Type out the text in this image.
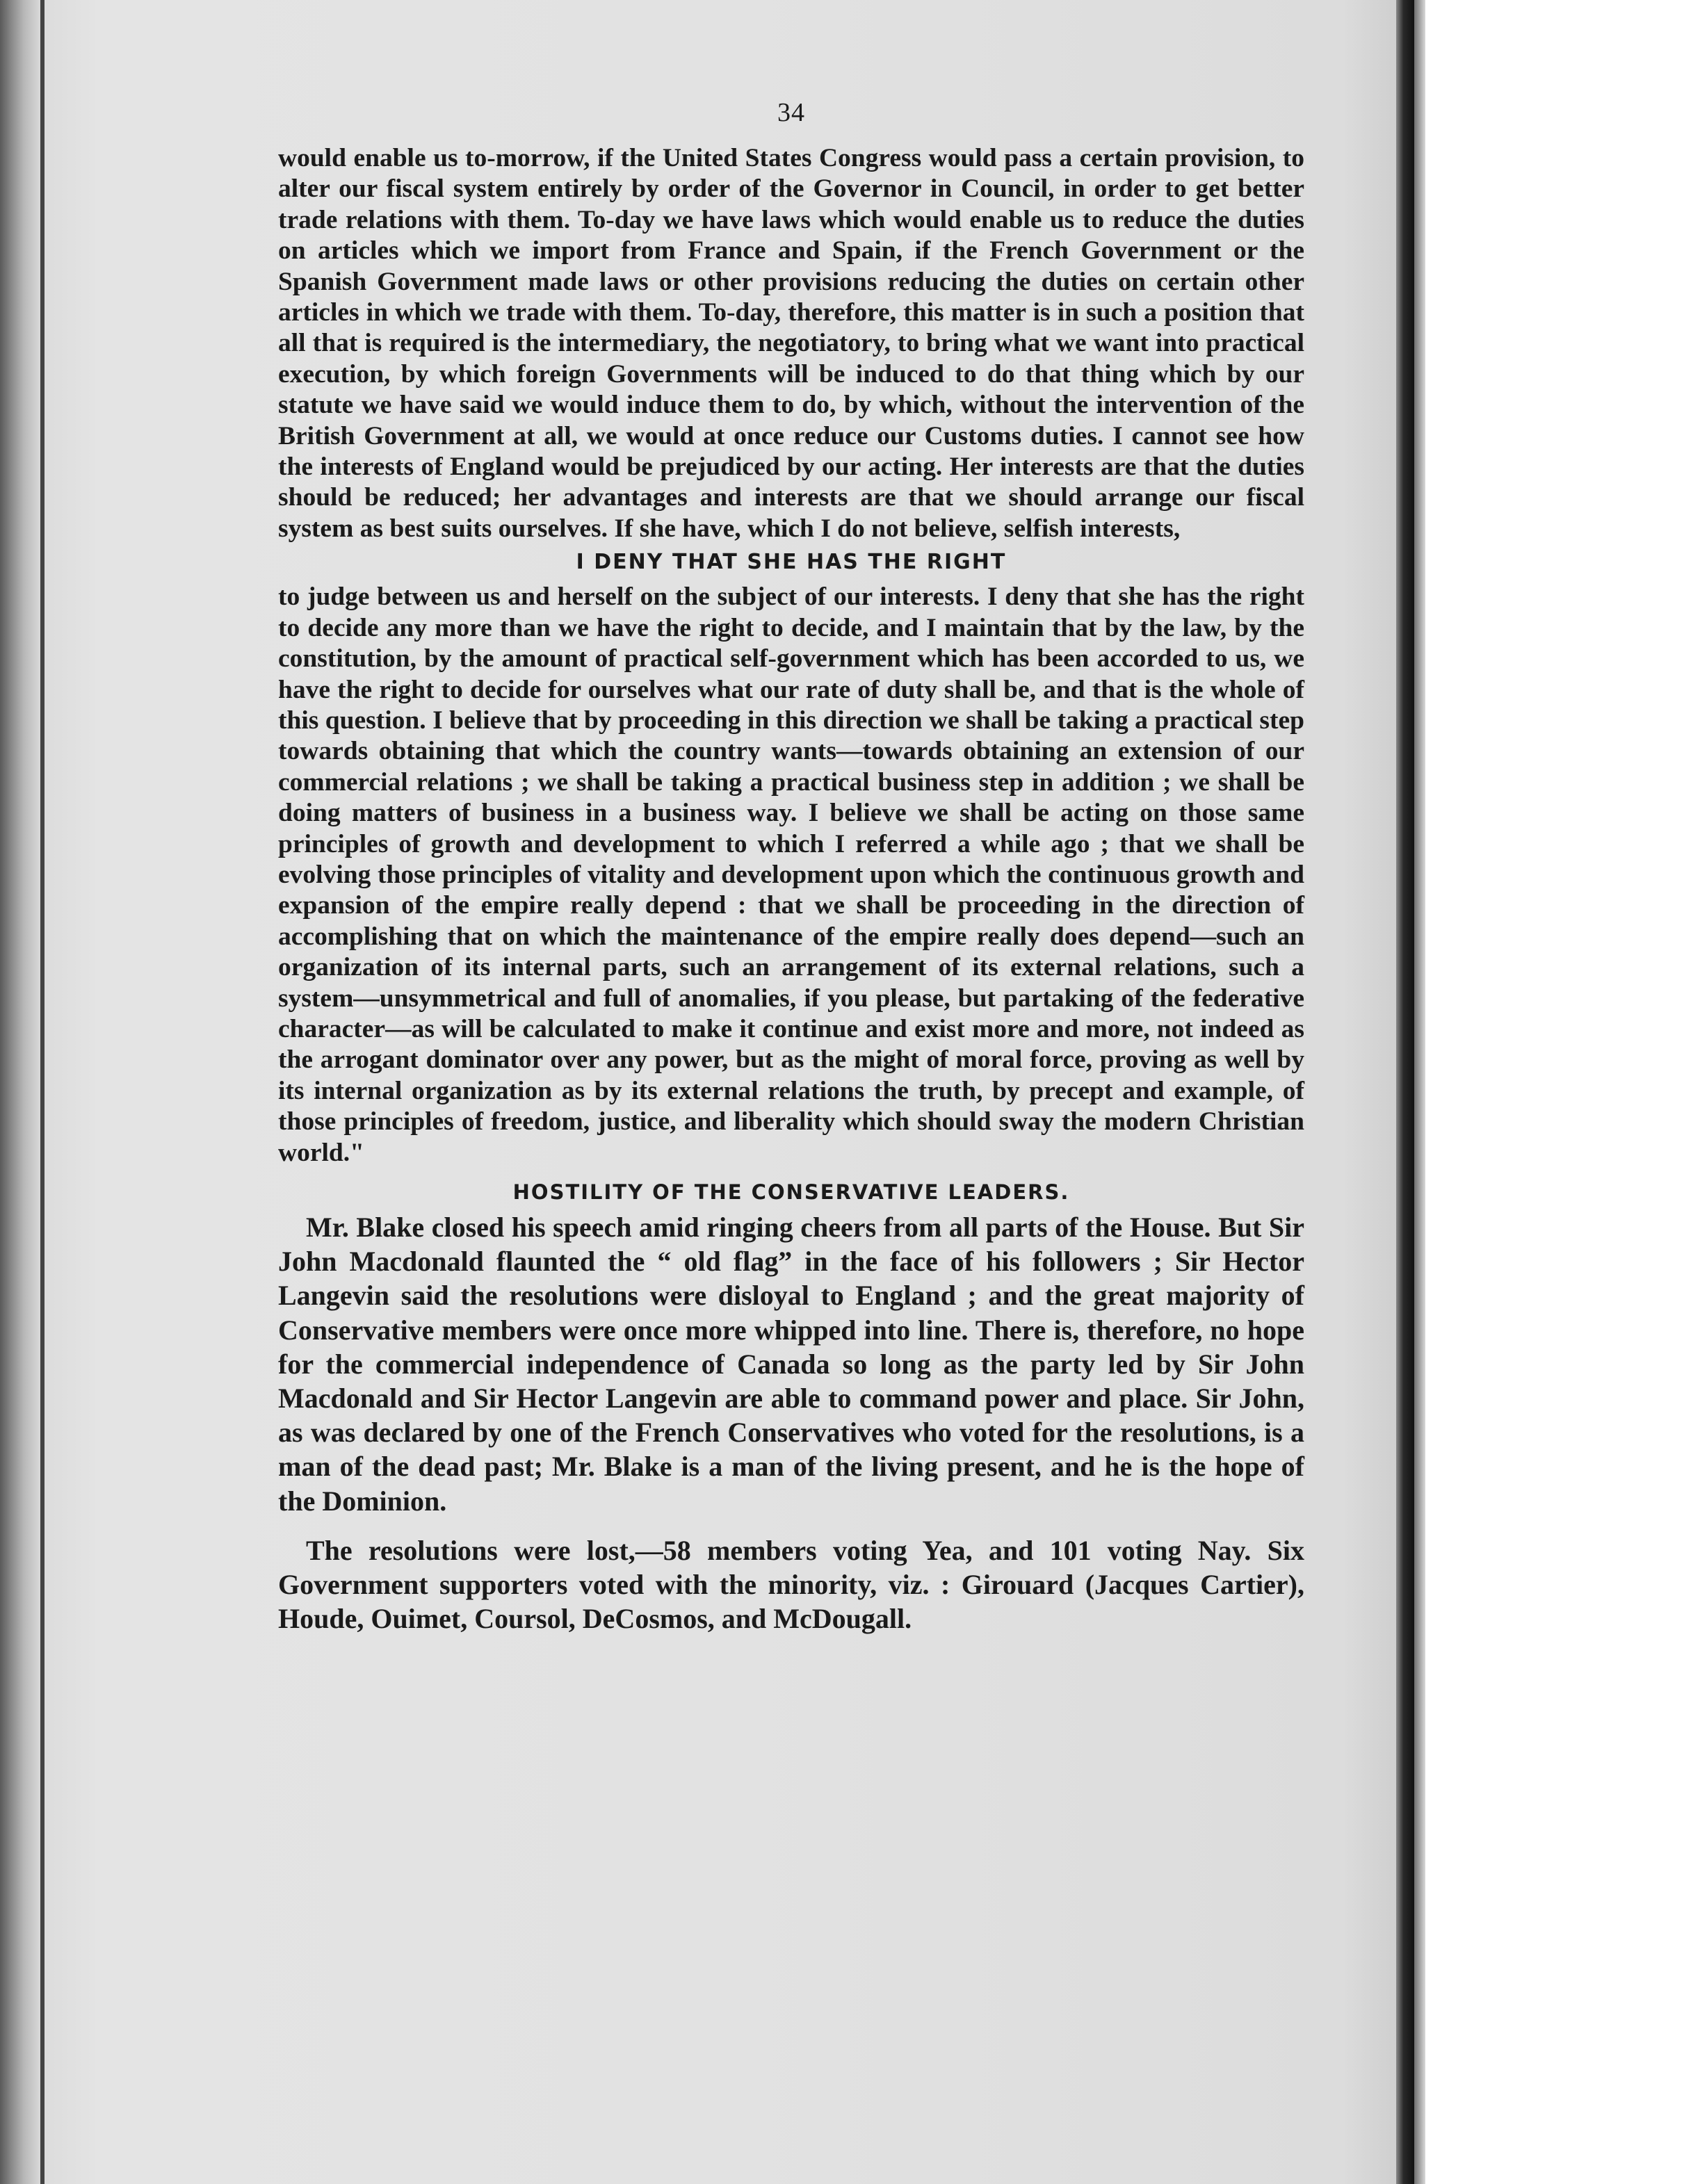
34

would enable us to-morrow, if the United States Congress would pass a certain provision, to alter our fiscal system entirely by order of the Governor in Council, in order to get better trade relations with them. To-day we have laws which would enable us to reduce the duties on articles which we import from France and Spain, if the French Government or the Spanish Government made laws or other provisions reducing the duties on certain other articles in which we trade with them. To-day, therefore, this matter is in such a position that all that is required is the intermediary, the negotiatory, to bring what we want into practical execution, by which foreign Governments will be induced to do that thing which by our statute we have said we would induce them to do, by which, without the intervention of the British Government at all, we would at once reduce our Customs duties. I cannot see how the interests of England would be prejudiced by our acting. Her interests are that the duties should be reduced; her advantages and interests are that we should arrange our fiscal system as best suits ourselves. If she have, which I do not believe, selfish interests,

I DENY THAT SHE HAS THE RIGHT

to judge between us and herself on the subject of our interests. I deny that she has the right to decide any more than we have the right to decide, and I maintain that by the law, by the constitution, by the amount of practical self-government which has been accorded to us, we have the right to decide for ourselves what our rate of duty shall be, and that is the whole of this question. I believe that by proceeding in this direction we shall be taking a practical step towards obtaining that which the country wants—towards obtaining an extension of our commercial relations ; we shall be taking a practical business step in addition ; we shall be doing matters of business in a business way. I believe we shall be acting on those same principles of growth and development to which I referred a while ago ; that we shall be evolving those principles of vitality and development upon which the continuous growth and expansion of the empire really depend : that we shall be proceeding in the direction of accomplishing that on which the maintenance of the empire really does depend—such an organization of its internal parts, such an arrangement of its external relations, such a system—unsymmetrical and full of anomalies, if you please, but partaking of the federative character—as will be calculated to make it continue and exist more and more, not indeed as the arrogant dominator over any power, but as the might of moral force, proving as well by its internal organization as by its external relations the truth, by precept and example, of those principles of freedom, justice, and liberality which should sway the modern Christian world."

HOSTILITY OF THE CONSERVATIVE LEADERS.

Mr. Blake closed his speech amid ringing cheers from all parts of the House. But Sir John Macdonald flaunted the “ old flag” in the face of his followers ; Sir Hector Langevin said the resolutions were disloyal to England ; and the great majority of Conservative members were once more whipped into line. There is, therefore, no hope for the commercial independence of Canada so long as the party led by Sir John Macdonald and Sir Hector Langevin are able to command power and place. Sir John, as was declared by one of the French Conservatives who voted for the resolutions, is a man of the dead past; Mr. Blake is a man of the living present, and he is the hope of the Dominion.

The resolutions were lost,—58 members voting Yea, and 101 voting Nay. Six Government supporters voted with the minority, viz. : Girouard (Jacques Cartier), Houde, Ouimet, Coursol, DeCosmos, and McDougall.
